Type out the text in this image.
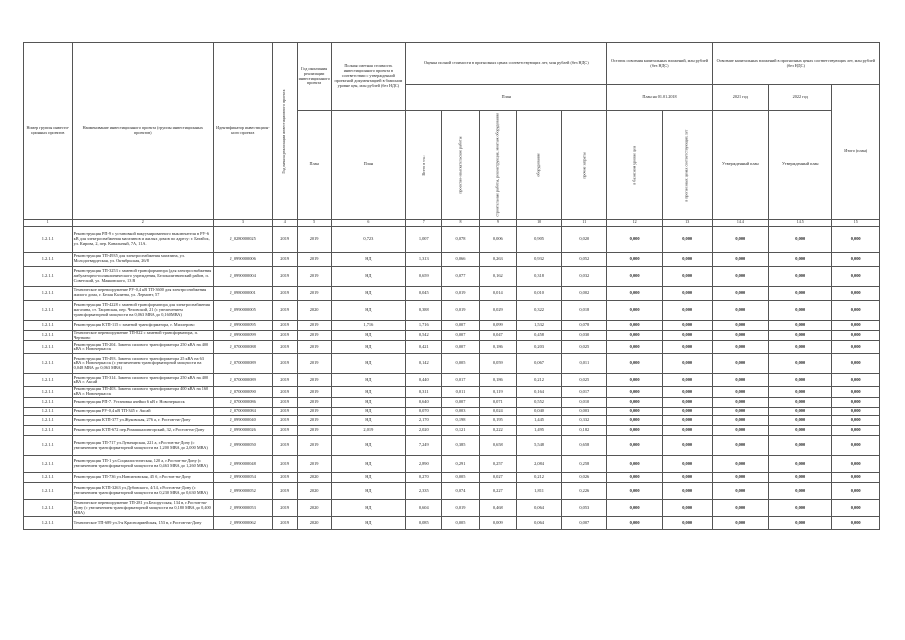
Номер группы инвести-ционных проектов	Наименование инвестиционного проекта (группы инвестиционных проектов)	Идентификатор инвестицион-ного проекта	Год начала реализации инвестиционного проекта	Год окончания реализации инвестиционного проекта	Полная сметная стоимость инвестиционного проекта в соответствии с утвержденной проектной документацией в базисном уровне цен, млн рублей (без НДС)	Оценка полной стоимости в прогнозных ценах соответствующих лет, млн рублей (без НДС)					Остаток освоения капитальных вложений, млн рублей (без НДС)		Освоение капитальных вложений в прогнозных ценах соответствующих лет, млн рублей (без НДС)		
						План					План на 01.01.2018		2021 год	2022 год	Итого (план)
				План	План	Всего в т.ч.:	проектно-изыскательские работы	строительные работы, реконструкция, монтаж оборудования	оборудование	прочие затраты	в базисном уровне цен	в прогнозных ценах соответствующих лет	Утвержденный план	Утвержденный план	
1	2	3	4	5	6	7	8	9	10	11	12	13	14.4	14.5	15
1.2.1.1	Реконструкция РП-9 с установкой вакуумированного выключателя в РУ-6 кВ для электроснабжения магазинов и жилых домов по адресу: г. Батайск, ул. Кирова, 2, пер. Канальный, 7А, 11А.	J_0280000025	2019	2019	0,723	1,007	0,078	0,006	0,905	0,020	0,000	0,000	0,000	0,000	0,000
1.2.1.1	Реконструкция ТП-4935 для электроснабжения магазина, ул. Молодогвардеская, ул. Октябрьская, 26/8	J_0990000006	2019	2019	НД	1,313	0,066	0,263	0,932	0,052	0,000	0,000	0,000	0,000	0,000
1.2.1.1	Реконструкция ТП-3253 с заменой трансформатора (для электроснабжения амбулаторно-поликлинического учреждения, Белокалитвинский район, п. Советский, ул. Маяковского, 13 В	J_0990000004	2019	2019	НД	0,659	0,077	0,162	0,318	0,032	0,000	0,000	0,000	0,000	0,000
1.2.1.1	Техническое перевооружение РУ-0,4 кВ ТП-3600 для электроснабжения жилого дома, г. Белая Калитва, ул. Лермонт, 57	J_0980000001	2019	2019	НД	0,045	0,019	0,014	0,010	0,002	0,000	0,000	0,000	0,000	0,000
1.2.1.1	Реконструкция ТП-4228 с заменой трансформатора для электроснабжения магазина, ст. Тацинская, пер. Чеховский, 21 (с увеличением трансформаторной мощности на 0,063 МВА до 0,160МВА)	J_0990000005	2019	2020	НД	0,388	0,019	0,029	0,322	0,018	0,000	0,000	0,000	0,000	0,000
1.2.1.1	Реконструкция КТП-115 с заменой трансформатора, г. Миллерово	J_0990000095	2019	2019	1,716	1,716	0,007	0,099	1,532	0,078	0,000	0,000	0,000	0,000	0,000
1.2.1.1	Техническое перевооружение ТП-822 с заменой трансформатора, п. Чертково	J_0990000099	2019	2019	НД	0,542	0,007	0,047	0,458	0,030	0,000	0,000	0,000	0,000	0,000
1.2.1.1	Реконструкция ТП-204. Замена силового трансформатора 250 кВА на 400 кВА г. Новочеркасск	J_0700000088	2019	2019	НД	0,421	0,007	0,186	0,203	0,025	0,000	0,000	0,000	0,000	0,000
1.2.1.1	Реконструкция ТП-493. Замена силового трансформатора 25 кВА на 63 кВА г. Новочеркасск (с увеличением трансформаторной мощности на 0,048 МВА до 0,063 МВА)	J_0700000089	2019	2019	НД	0,142	0,005	0,059	0,067	0,011	0,000	0,000	0,000	0,000	0,000
1.2.1.1	Реконструкция ТП-314. Замена силового трансформатора 250 кВА на 400 кВА г. Аксай	J_0700000089	2019	2019	НД	0,440	0,017	0,186	0,212	0,025	0,000	0,000	0,000	0,000	0,000
1.2.1.1	Реконструкция ТП-403. Замена силового трансформатора 400 кВА на 160 кВА г. Новочеркасск	J_0700000090	2019	2019	НД	0,311	0,011	0,119	0,164	0,017	0,000	0,000	0,000	0,000	0,000
1.2.1.1	Реконструкция РП-7. Установка ячейки 6 кВ г. Новочеркасск	J_0700000086	2019	2019	НД	0,640	0,007	0,071	0,552	0,010	0,000	0,000	0,000	0,000	0,000
1.2.1.1	Реконструкция РУ-0,4 кВ ТП-345 г. Аксай	J_0700000084	2019	2019	НД	0,070	0,003	0,024	0,040	0,003	0,000	0,000	0,000	0,000	0,000
1.2.1.1	Реконструкция КТП-377 ул.Жуковская, 276 а, г. Ростов-на-Дону	J_0990000040	2019	2019	НД	2,170	0,198	0,195	1,445	0,332	0,000	0,000	0,000	0,000	0,000
1.2.1.1	Реконструкция КТП-672 пер.Ромашкалингорский, 32, г.Ростов-на-Дону	J_0990000026	2019	2019	2,019	2,020	0,121	0,222	1,495	0,182	0,000	0,000	0,000	0,000	0,000
1.2.1.1	Реконструкция ТП-717 ул.Луначарская, 221 а, г.Ростов-на-Дону (с увеличением трансформаторной мощности на 1,200 МВА до 2,000 МВА)	J_0990000050	2019	2019	НД	7,249	0,385	0,658	5,548	0,658	0,000	0,000	0,000	0,000	0,000
1.2.1.1	Реконструкция ТП-1 ул.Социалистическая, 120 а, г.Ростов-на-Дону (с увеличением трансформаторной мощности на 0,463 МВА до 1,260 МВА)	J_0990000048	2019	2019	НД	2,890	0,291	0,257	2,084	0,258	0,000	0,000	0,000	0,000	0,000
1.2.1.1	Реконструкция ТП-736 ул.Нансиновская, 45 б, г.Ростов-на-Дону	J_0990000054	2019	2020	НД	0,270	0,005	0,027	0,212	0,026	0,000	0,000	0,000	0,000	0,000
1.2.1.1	Реконструкция КТП-3263 ул.Дубовского, 4/14, г.Ростов-на-Дону (с увеличением трансформаторной мощности на 0,230 МВА до 0,630 МВА)	J_0990000052	2019	2020	НД	2,335	0,074	0,227	1,811	0,226	0,000	0,000	0,000	0,000	0,000
1.2.1.1	Техническое перевооружение ТП-281 ул.Белорусская, 134 в, г.Ростов-на-Дону (с увеличением трансформаторной мощности на 0,180 МВА до 0,400 МВА)	J_0990000053	2019	2020	НД	0,604	0,019	0,468	0,064	0,053	0,000	0,000	0,000	0,000	0,000
1.2.1.1	Техническое ТП-689 ул.3-я Красноармейская, 153 в, г.Ростов-на-Дону	J_0990000062	2019	2020	НД	0,085	0,005	0,009	0,064	0,007	0,000	0,000	0,000	0,000	0,000
